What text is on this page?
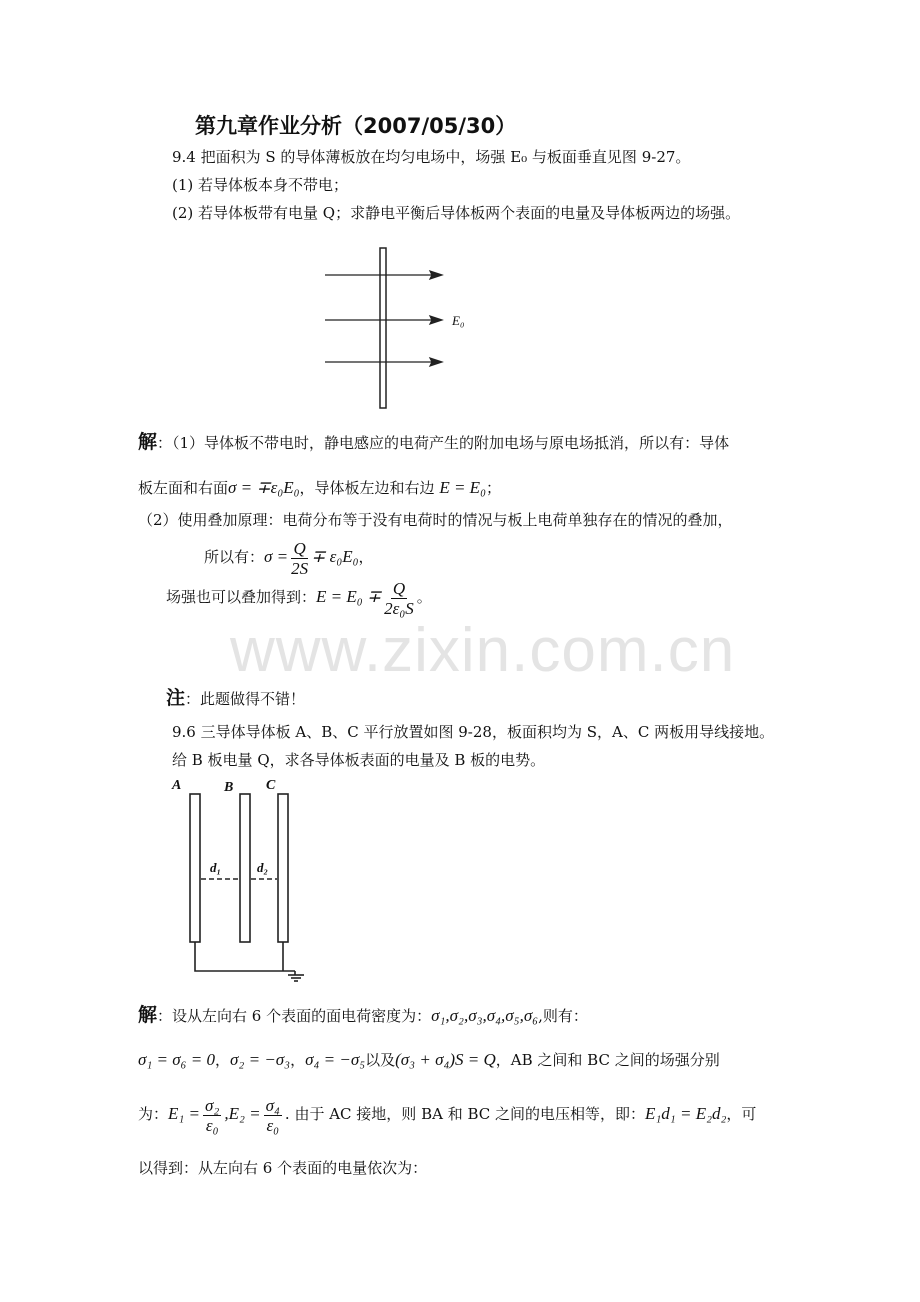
第九章作业分析（2007/05/30）
9.4 把面积为 S 的导体薄板放在均匀电场中，场强 E₀ 与板面垂直见图 9-27。
(1) 若导体板本身不带电；
(2) 若导体板带有电量 Q；求静电平衡后导体板两个表面的电量及导体板两边的场强。
E₀
解：（1）导体板不带电时，静电感应的电荷产生的附加电场与原电场抵消，所以有：导体
板左面和右面σ = ∓ε₀E₀，导体板左边和右边 E = E₀；
（2）使用叠加原理：电荷分布等于没有电荷时的情况与板上电荷单独存在的情况的叠加，
所以有：$\sigma = \frac{Q}{2S} \mp \varepsilon_0E_0$，
场强也可以叠加得到：$E = E_0 \mp \frac{Q}{\text{2ε₀S}}$ 。
www.zixin.com.cn
注：此题做得不错！
9.6 三导体导体板 A、B、C 平行放置如图 9-28，板面积均为 S，A、C 两板用导线接地。
给 B 板电量 Q，求各导体板表面的电量及 B 板的电势。
A	B C
d₁	d₂
解：设从左向右 6 个表面的面电荷密度为：σ₁,σ₂,σ₃,σ₄,σ₅,σ₆,则有：
σ₁ = σ₆ = 0，σ₂ = −σ₃，σ₄ = −σ₅以及(σ₃ + σ₄)S = Q，AB 之间和 BC 之间的场强分别
为：$E_1 = \frac{\text{σ₂}}{\text{ε₀}} ,E_2 = \frac{\text{σ₄}}{\text{ε₀}}$ . 由于 AC 接地，则 BA 和 BC 之间的电压相等，即：E₁d₁ = E₂d₂，可
以得到：从左向右 6 个表面的电量依次为：
